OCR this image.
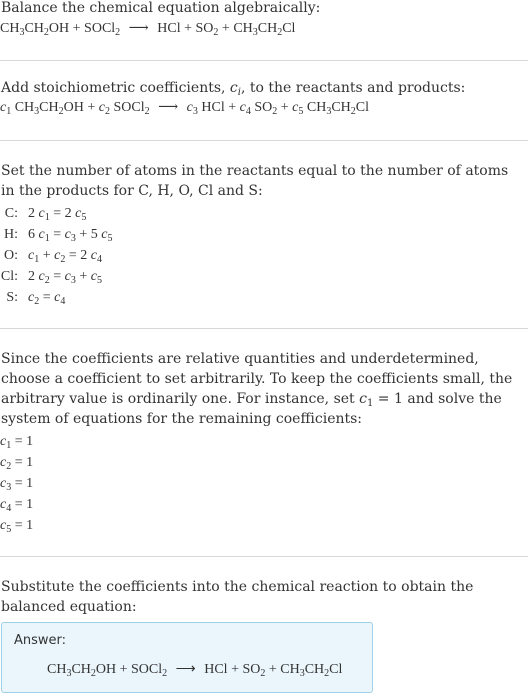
Balance the chemical equation algebraically:
$CH_3CH_2OH$ + SOCl$_2$ ⟶ HCl + $SO_2 + CH_3CH_2Cl$
Add stoichiometric coefficients, $c_i$, to the reactants and products:
$c_1$ $CH_3CH_2OH + c_2$ SOCl$_2$ ⟶ $c_3$ HCl + $c_4$ $SO_2 + c_5$ $CH_3CH_2Cl$
Set the number of atoms in the reactants equal to the number of atoms in the products for C, H, O, Cl and S:
C: 2 $c_1 = 2$ $c_5$
H: 6 $c_1 = c_3 + 5$ $c_5$
O: $c_1 + c_2 = 2$ $c_4$
Cl: 2 $c_2 = c_3 + c_5$
S: $c_2 = c_4$
Since the coefficients are relative quantities and underdetermined, choose a coefficient to set arbitrarily. To keep the coefficients small, the arbitrary value is ordinarily one. For instance, set $c_1 = 1$ and solve the system of equations for the remaining coefficients:
$c_1 = 1$
$c_2 = 1$
$c_3 = 1$
$c_4 = 1$
$c_5 = 1$
Substitute the coefficients into the chemical reaction to obtain the balanced equation:
Answer:
$CH_3CH_2OH$ + SOCl$_2$ ⟶ HCl + $SO_2 + CH_3CH_2Cl$
